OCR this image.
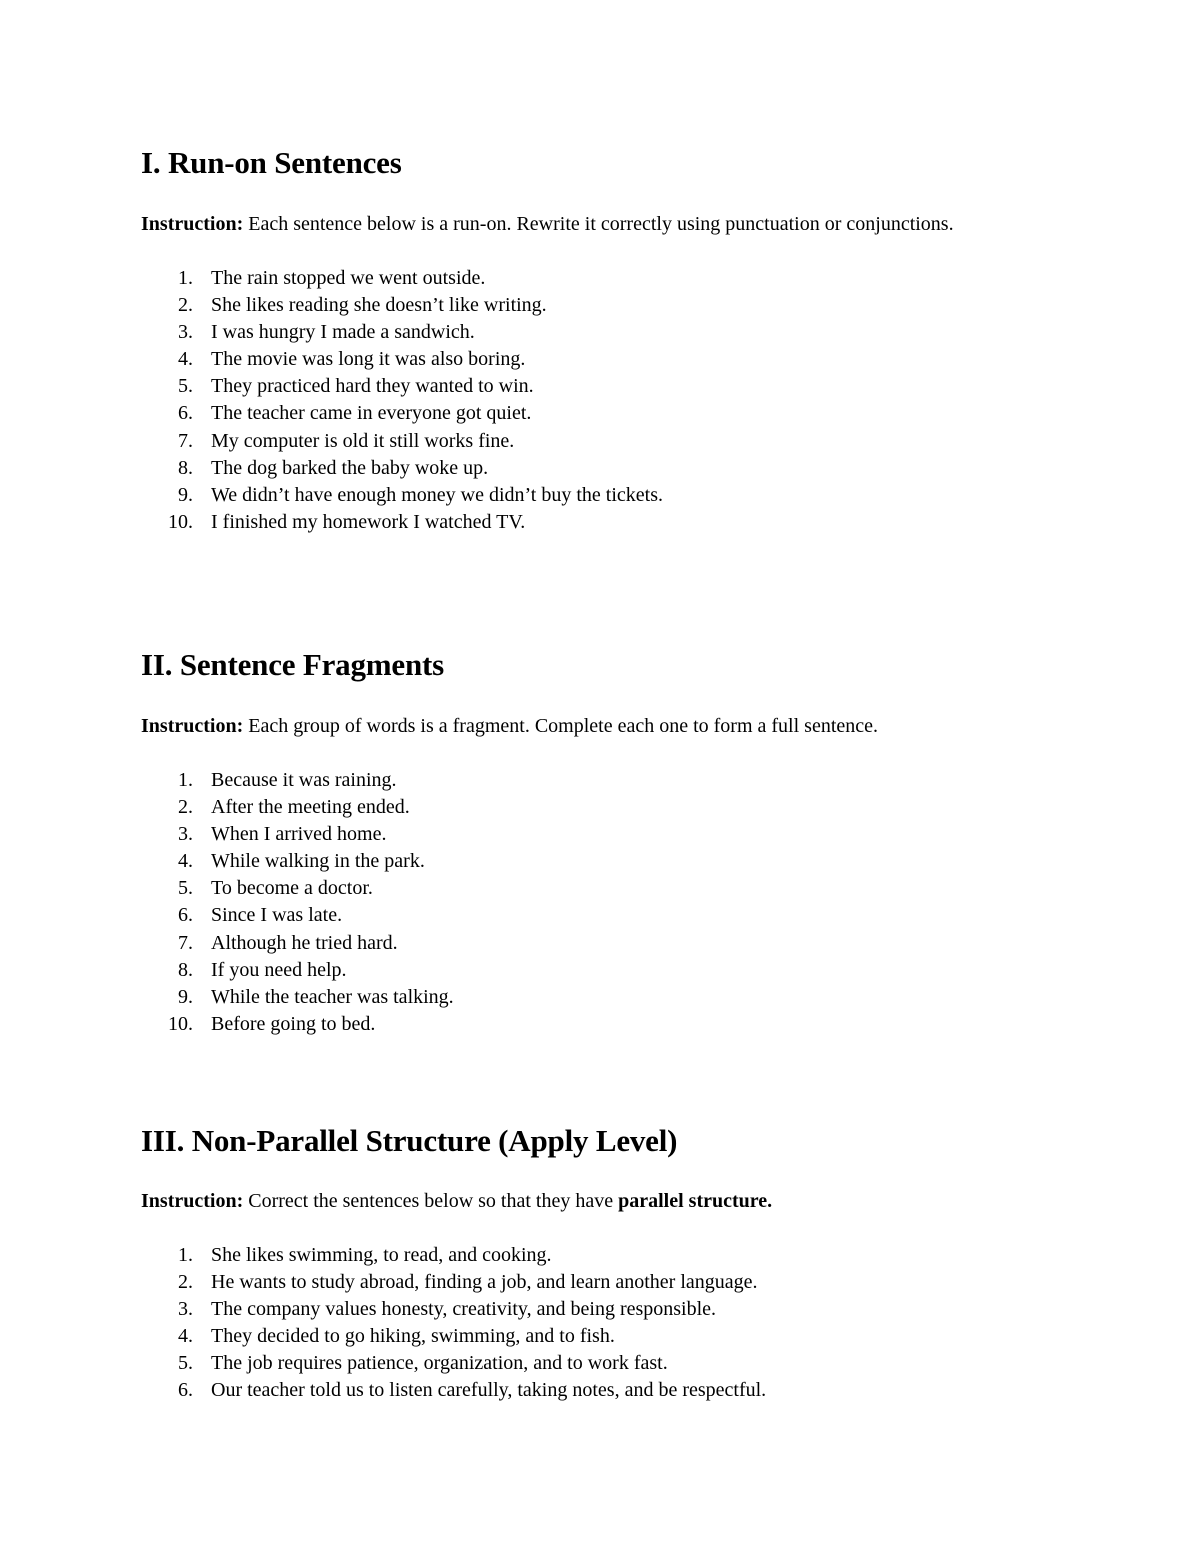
I. Run-on Sentences

Instruction: Each sentence below is a run-on. Rewrite it correctly using punctuation or conjunctions.

1. The rain stopped we went outside.
2. She likes reading she doesn’t like writing.
3. I was hungry I made a sandwich.
4. The movie was long it was also boring.
5. They practiced hard they wanted to win.
6. The teacher came in everyone got quiet.
7. My computer is old it still works fine.
8. The dog barked the baby woke up.
9. We didn’t have enough money we didn’t buy the tickets.
10. I finished my homework I watched TV.
II. Sentence Fragments

Instruction: Each group of words is a fragment. Complete each one to form a full sentence.

1. Because it was raining.
2. After the meeting ended.
3. When I arrived home.
4. While walking in the park.
5. To become a doctor.
6. Since I was late.
7. Although he tried hard.
8. If you need help.
9. While the teacher was talking.
10. Before going to bed.
III. Non-Parallel Structure (Apply Level)

Instruction: Correct the sentences below so that they have parallel structure.

1. She likes swimming, to read, and cooking.
2. He wants to study abroad, finding a job, and learn another language.
3. The company values honesty, creativity, and being responsible.
4. They decided to go hiking, swimming, and to fish.
5. The job requires patience, organization, and to work fast.
6. Our teacher told us to listen carefully, taking notes, and be respectful.
